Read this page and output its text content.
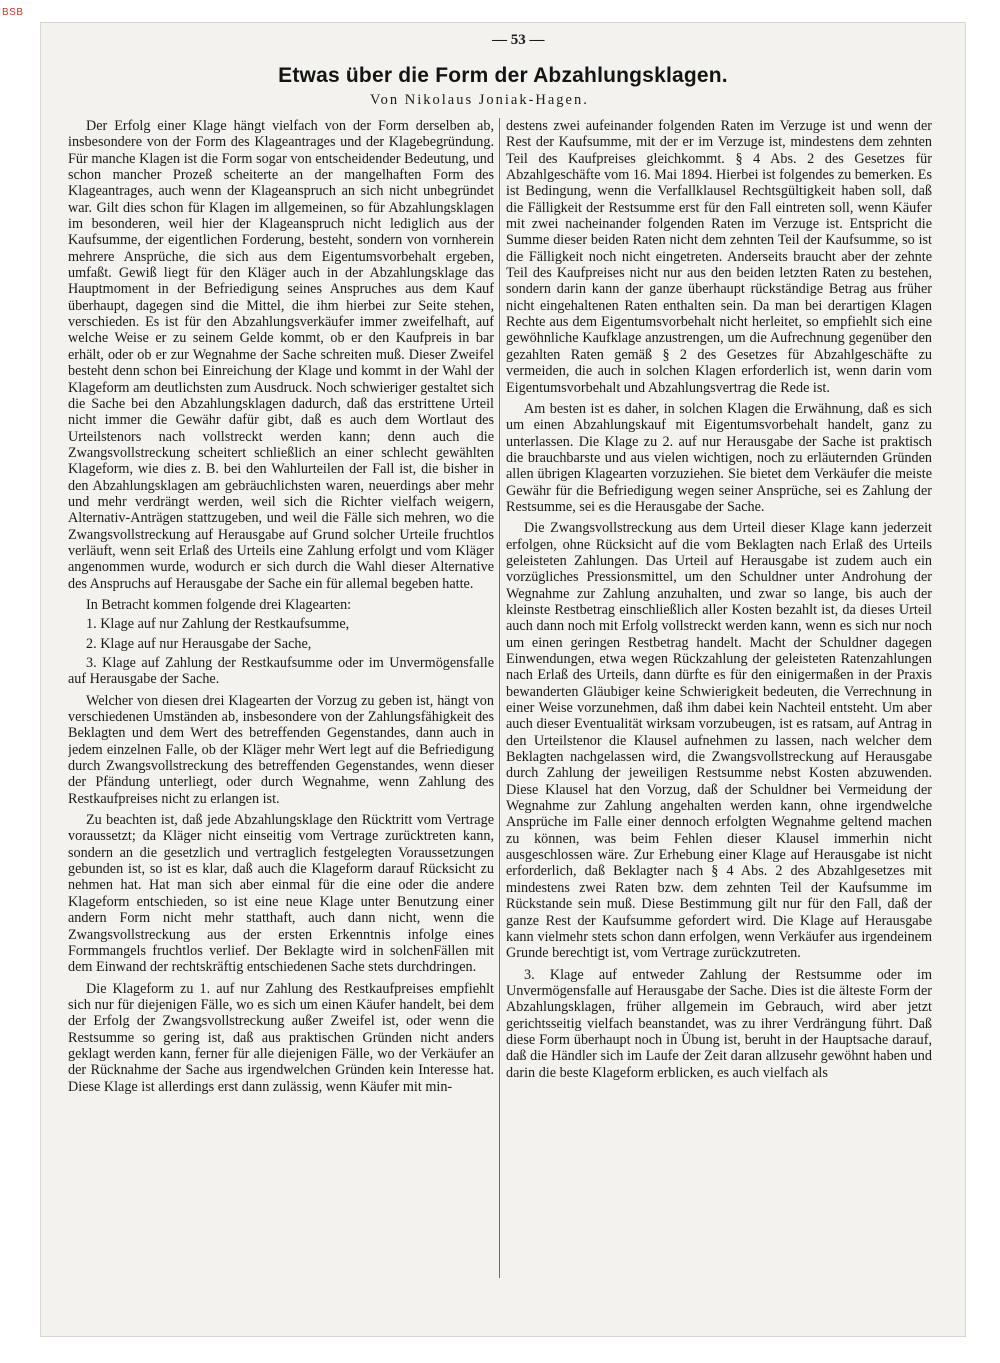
BSB
— 53 —
Etwas über die Form der Abzahlungsklagen.
Von Nikolaus Joniak-Hagen.

Der Erfolg einer Klage hängt vielfach von der Form derselben ab, insbesondere von der Form des Klageantrages und der Klagebegründung. Für manche Klagen ist die Form sogar von entscheidender Bedeutung, und schon mancher Prozeß scheiterte an der mangelhaften Form des Klageantrages, auch wenn der Klageanspruch an sich nicht unbegründet war. Gilt dies schon für Klagen im allgemeinen, so für Abzahlungsklagen im besonderen, weil hier der Klageanspruch nicht lediglich aus der Kaufsumme, der eigentlichen Forderung, besteht, sondern von vornherein mehrere Ansprüche, die sich aus dem Eigentumsvorbehalt ergeben, umfaßt. Gewiß liegt für den Kläger auch in der Abzahlungsklage das Hauptmoment in der Befriedigung seines Anspruches aus dem Kauf überhaupt, dagegen sind die Mittel, die ihm hierbei zur Seite stehen, verschieden. Es ist für den Abzahlungsverkäufer immer zweifelhaft, auf welche Weise er zu seinem Gelde kommt, ob er den Kaufpreis in bar erhält, oder ob er zur Wegnahme der Sache schreiten muß. Dieser Zweifel besteht denn schon bei Einreichung der Klage und kommt in der Wahl der Klageform am deutlichsten zum Ausdruck. Noch schwieriger gestaltet sich die Sache bei den Abzahlungsklagen dadurch, daß das erstrittene Urteil nicht immer die Gewähr dafür gibt, daß es auch dem Wortlaut des Urteilstenors nach vollstreckt werden kann; denn auch die Zwangsvollstreckung scheitert schließlich an einer schlecht gewählten Klageform, wie dies z. B. bei den Wahlurteilen der Fall ist, die bisher in den Abzahlungsklagen am gebräuchlichsten waren, neuerdings aber mehr und mehr verdrängt werden, weil sich die Richter vielfach weigern, Alternativ-Anträgen stattzugeben, und weil die Fälle sich mehren, wo die Zwangsvollstreckung auf Herausgabe auf Grund solcher Urteile fruchtlos verläuft, wenn seit Erlaß des Urteils eine Zahlung erfolgt und vom Kläger angenommen wurde, wodurch er sich durch die Wahl dieser Alternative des Anspruchs auf Herausgabe der Sache ein für allemal begeben hatte.

In Betracht kommen folgende drei Klagearten:

1. Klage auf nur Zahlung der Restkaufsumme,

2. Klage auf nur Herausgabe der Sache,

3. Klage auf Zahlung der Restkaufsumme oder im Unvermögensfalle auf Herausgabe der Sache.

Welcher von diesen drei Klagearten der Vorzug zu geben ist, hängt von verschiedenen Umständen ab, insbesondere von der Zahlungsfähigkeit des Beklagten und dem Wert des betreffenden Gegenstandes, dann auch in jedem einzelnen Falle, ob der Kläger mehr Wert legt auf die Befriedigung durch Zwangsvollstreckung des betreffenden Gegenstandes, wenn dieser der Pfändung unterliegt, oder durch Wegnahme, wenn Zahlung des Restkaufpreises nicht zu erlangen ist.

Zu beachten ist, daß jede Abzahlungsklage den Rücktritt vom Vertrage voraussetzt; da Kläger nicht einseitig vom Vertrage zurücktreten kann, sondern an die gesetzlich und vertraglich festgelegten Voraussetzungen gebunden ist, so ist es klar, daß auch die Klageform darauf Rücksicht zu nehmen hat. Hat man sich aber einmal für die eine oder die andere Klageform entschieden, so ist eine neue Klage unter Benutzung einer andern Form nicht mehr statthaft, auch dann nicht, wenn die Zwangsvollstreckung aus der ersten Erkenntnis infolge eines Formmangels fruchtlos verlief. Der Beklagte wird in solchenFällen mit dem Einwand der rechtskräftig entschiedenen Sache stets durchdringen.

Die Klageform zu 1. auf nur Zahlung des Restkaufpreises empfiehlt sich nur für diejenigen Fälle, wo es sich um einen Käufer handelt, bei dem der Erfolg der Zwangsvollstreckung außer Zweifel ist, oder wenn die Restsumme so gering ist, daß aus praktischen Gründen nicht anders geklagt werden kann, ferner für alle diejenigen Fälle, wo der Verkäufer an der Rücknahme der Sache aus irgendwelchen Gründen kein Interesse hat. Diese Klage ist allerdings erst dann zulässig, wenn Käufer mit min-

destens zwei aufeinander folgenden Raten im Verzuge ist und wenn der Rest der Kaufsumme, mit der er im Verzuge ist, mindestens dem zehnten Teil des Kaufpreises gleichkommt. § 4 Abs. 2 des Gesetzes für Abzahlgeschäfte vom 16. Mai 1894. Hierbei ist folgendes zu bemerken. Es ist Bedingung, wenn die Verfallklausel Rechtsgültigkeit haben soll, daß die Fälligkeit der Restsumme erst für den Fall eintreten soll, wenn Käufer mit zwei nacheinander folgenden Raten im Verzuge ist. Entspricht die Summe dieser beiden Raten nicht dem zehnten Teil der Kaufsumme, so ist die Fälligkeit noch nicht eingetreten. Anderseits braucht aber der zehnte Teil des Kaufpreises nicht nur aus den beiden letzten Raten zu bestehen, sondern darin kann der ganze überhaupt rückständige Betrag aus früher nicht eingehaltenen Raten enthalten sein. Da man bei derartigen Klagen Rechte aus dem Eigentumsvorbehalt nicht herleitet, so empfiehlt sich eine gewöhnliche Kaufklage anzustrengen, um die Aufrechnung gegenüber den gezahlten Raten gemäß § 2 des Gesetzes für Abzahlgeschäfte zu vermeiden, die auch in solchen Klagen erforderlich ist, wenn darin vom Eigentumsvorbehalt und Abzahlungsvertrag die Rede ist.

Am besten ist es daher, in solchen Klagen die Erwähnung, daß es sich um einen Abzahlungskauf mit Eigentumsvorbehalt handelt, ganz zu unterlassen. Die Klage zu 2. auf nur Herausgabe der Sache ist praktisch die brauchbarste und aus vielen wichtigen, noch zu erläuternden Gründen allen übrigen Klagearten vorzuziehen. Sie bietet dem Verkäufer die meiste Gewähr für die Befriedigung wegen seiner Ansprüche, sei es Zahlung der Restsumme, sei es die Herausgabe der Sache.

Die Zwangsvollstreckung aus dem Urteil dieser Klage kann jederzeit erfolgen, ohne Rücksicht auf die vom Beklagten nach Erlaß des Urteils geleisteten Zahlungen. Das Urteil auf Herausgabe ist zudem auch ein vorzügliches Pressionsmittel, um den Schuldner unter Androhung der Wegnahme zur Zahlung anzuhalten, und zwar so lange, bis auch der kleinste Restbetrag einschließlich aller Kosten bezahlt ist, da dieses Urteil auch dann noch mit Erfolg vollstreckt werden kann, wenn es sich nur noch um einen geringen Restbetrag handelt. Macht der Schuldner dagegen Einwendungen, etwa wegen Rückzahlung der geleisteten Ratenzahlungen nach Erlaß des Urteils, dann dürfte es für den einigermaßen in der Praxis bewanderten Gläubiger keine Schwierigkeit bedeuten, die Verrechnung in einer Weise vorzunehmen, daß ihm dabei kein Nachteil entsteht. Um aber auch dieser Eventualität wirksam vorzubeugen, ist es ratsam, auf Antrag in den Urteilstenor die Klausel aufnehmen zu lassen, nach welcher dem Beklagten nachgelassen wird, die Zwangsvollstreckung auf Herausgabe durch Zahlung der jeweiligen Restsumme nebst Kosten abzuwenden. Diese Klausel hat den Vorzug, daß der Schuldner bei Vermeidung der Wegnahme zur Zahlung angehalten werden kann, ohne irgendwelche Ansprüche im Falle einer dennoch erfolgten Wegnahme geltend machen zu können, was beim Fehlen dieser Klausel immerhin nicht ausgeschlossen wäre. Zur Erhebung einer Klage auf Herausgabe ist nicht erforderlich, daß Beklagter nach § 4 Abs. 2 des Abzahlgesetzes mit mindestens zwei Raten bzw. dem zehnten Teil der Kaufsumme im Rückstande sein muß. Diese Bestimmung gilt nur für den Fall, daß der ganze Rest der Kaufsumme gefordert wird. Die Klage auf Herausgabe kann vielmehr stets schon dann erfolgen, wenn Verkäufer aus irgendeinem Grunde berechtigt ist, vom Vertrage zurückzutreten.

3. Klage auf entweder Zahlung der Restsumme oder im Unvermögensfalle auf Herausgabe der Sache. Dies ist die älteste Form der Abzahlungsklagen, früher allgemein im Gebrauch, wird aber jetzt gerichtsseitig vielfach beanstandet, was zu ihrer Verdrängung führt. Daß diese Form überhaupt noch in Übung ist, beruht in der Hauptsache darauf, daß die Händler sich im Laufe der Zeit daran allzusehr gewöhnt haben und darin die beste Klageform erblicken, es auch vielfach als
